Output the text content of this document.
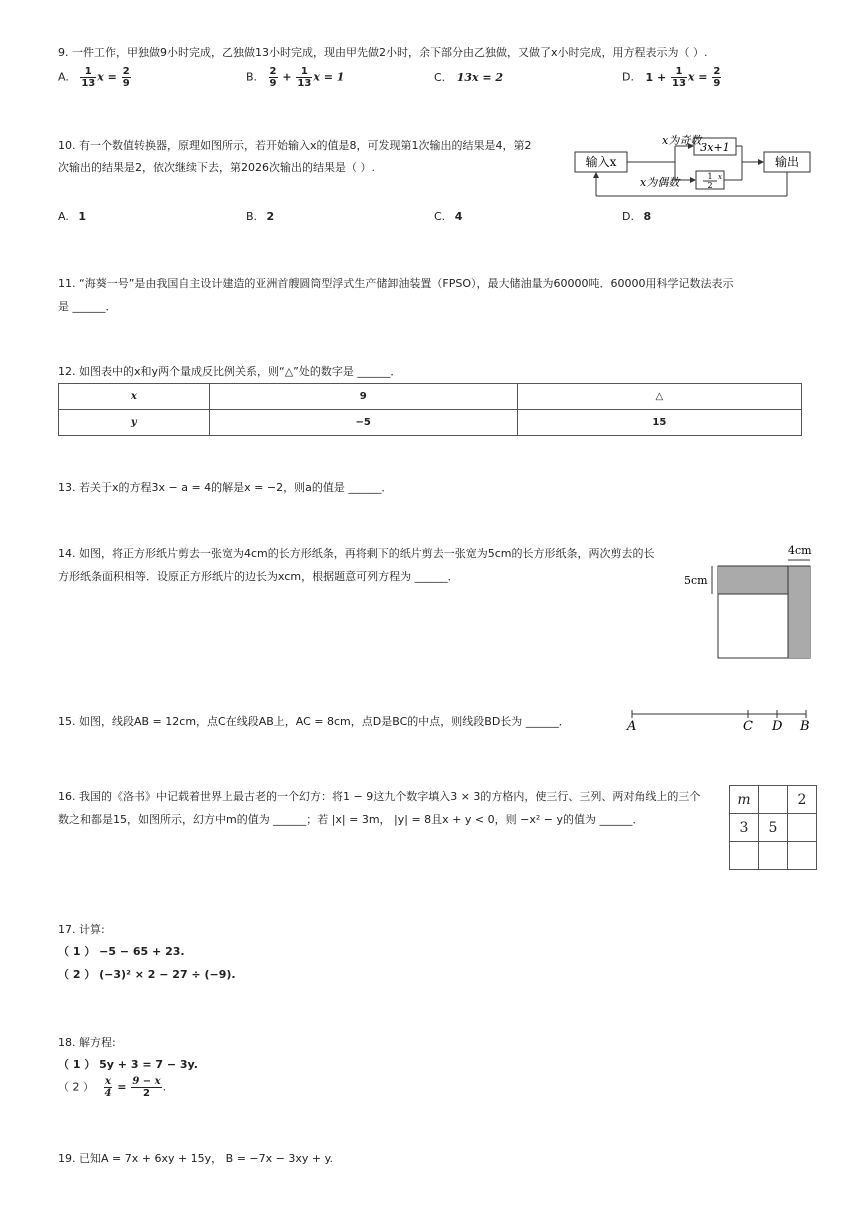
9. 一件工作，甲独做9小时完成，乙独做13小时完成，现由甲先做2小时，余下部分由乙独做，又做了x小时完成，用方程表示为（ ）.
A. $\frac{1}{13}$ $x = \frac{2}{9}$	B. $\frac{2}{9} + \frac{1}{13}$ x = 1	C. 13x = 2	D. $1 + \frac{1}{13}$ $x = \frac{2}{9}$
10. 有一个数值转换器，原理如图所示，若开始输入x的值是8，可发现第1次输出的结果是4，第2
次输出的结果是2，依次继续下去，第2026次输出的结果是（ ）.
A. 1	B. 2	C. 4	D. 8
输入x
x为奇数
3x+1
1
2
x
输出
x为偶数
11. “海葵一号”是由我国自主设计建造的亚洲首艘圆筒型浮式生产储卸油装置（FPSO），最大储油量为60000吨．60000用科学记数法表示
是 ______．
12. 如图表中的x和y两个量成反比例关系，则“△”处的数字是 ______．
x	9	△
y	−5	15
13. 若关于x的方程3x − a = 4的解是x = −2，则a的值是 ______．
14. 如图，将正方形纸片剪去一张宽为4cm的长方形纸条，再将剩下的纸片剪去一张宽为5cm的长方形纸条，两次剪去的长
方形纸条面积相等．设原正方形纸片的边长为xcm，根据题意可列方程为 ______．
4cm
5cm
15. 如图，线段AB = 12cm，点C在线段AB上，AC = 8cm，点D是BC的中点，则线段BD长为 ______．	A	C D B
16. 我国的《洛书》中记载着世界上最古老的一个幻方：将1 − 9这九个数字填入3 × 3的方格内，使三行、三列、两对角线上的三个
数之和都是15，如图所示，幻方中m的值为 ______；若 |x| = 3m， |y| = 8且x + y < 0，则 −x² − y的值为 ______．
m		2
3	5	

17. 计算:
（ 1 ） −5 − 65 + 23.
（ 2 ） (−3)² × 2 − 27 ÷ (−9).
18. 解方程:
（ 1 ） 5y + 3 = 7 − 3y.
（ 2 ） $\frac{x}{4} = \frac{9 - x}{2}$ .
19. 已知A = 7x + 6xy + 15y， B = −7x − 3xy + y.
